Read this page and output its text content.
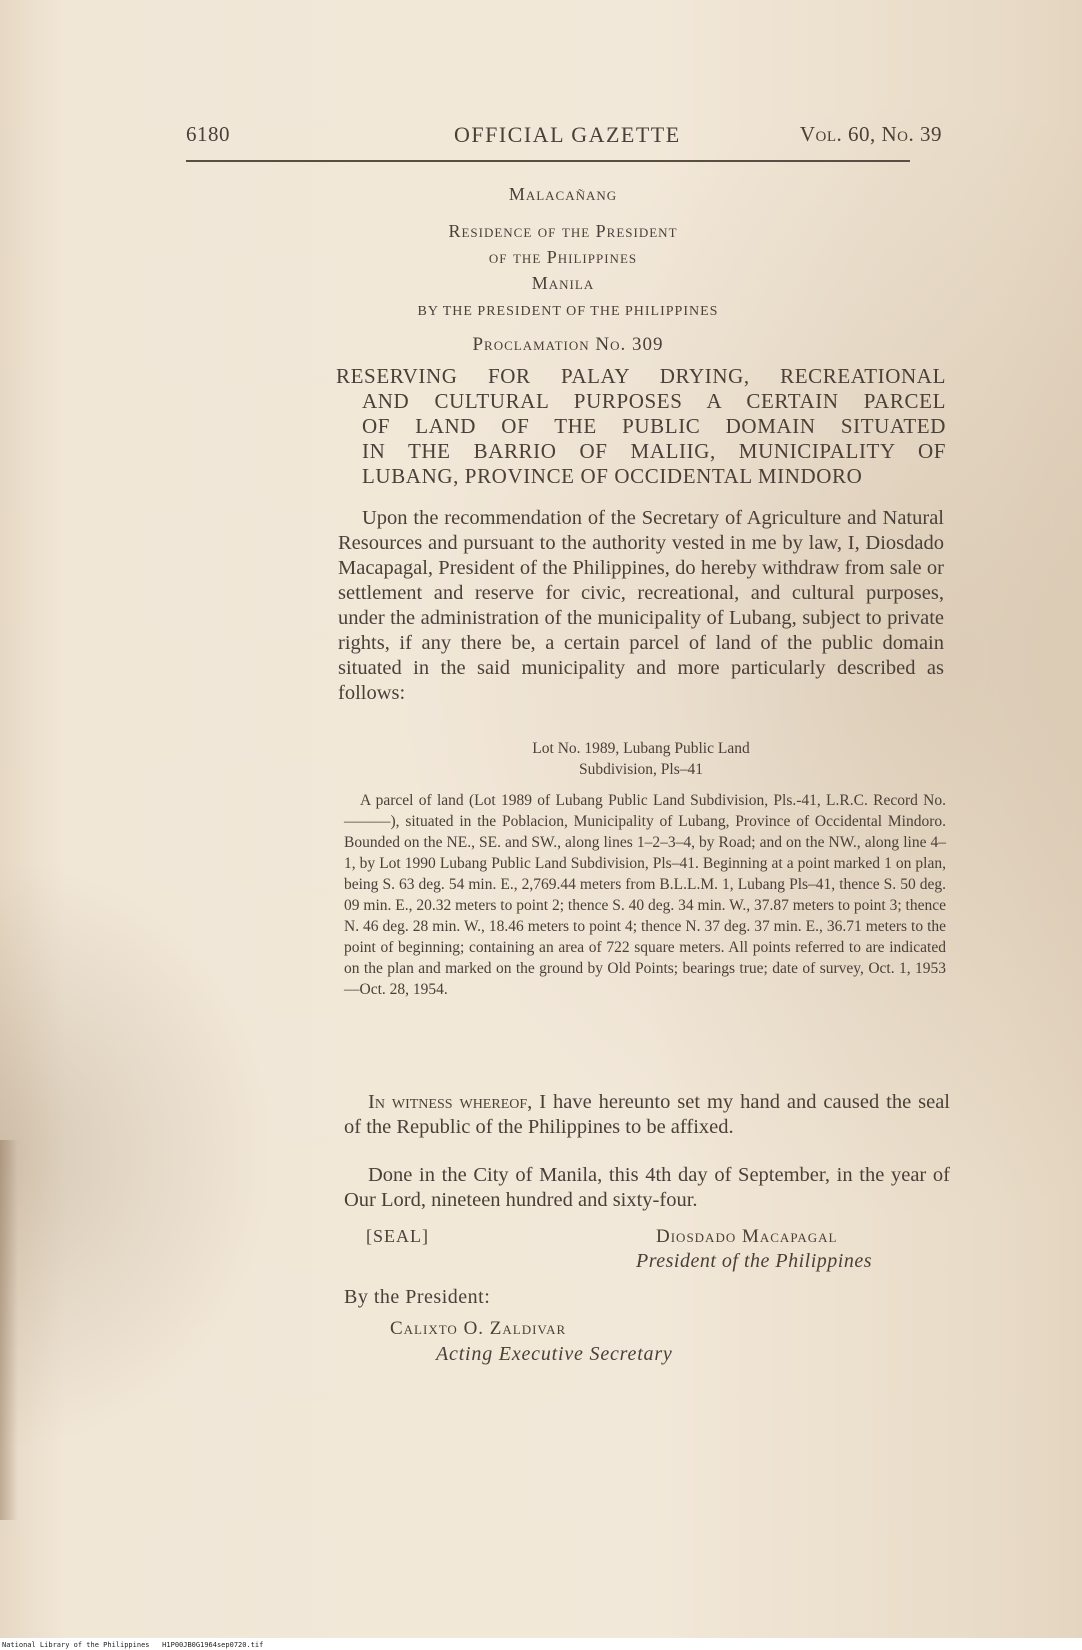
6180	OFFICIAL GAZETTE	Vol. 60, No. 39
Malacañang
Residence of the President
of the Philippines
Manila
BY THE PRESIDENT OF THE PHILIPPINES
Proclamation No. 309
RESERVING FOR PALAY DRYING, RECREATIONAL
AND CULTURAL PURPOSES A CERTAIN PARCEL
OF LAND OF THE PUBLIC DOMAIN SITUATED
IN THE BARRIO OF MALIIG, MUNICIPALITY OF
LUBANG, PROVINCE OF OCCIDENTAL MINDORO
Upon the recommendation of the Secretary of Agriculture and Natural Resources and pursuant to the authority vested in me by law, I, Diosdado Macapagal, President of the Philippines, do hereby withdraw from sale or settlement and reserve for civic, recreational, and cultural purposes, under the administration of the municipality of Lubang, subject to private rights, if any there be, a certain parcel of land of the public domain situated in the said municipality and more particularly described as follows:
Lot No. 1989, Lubang Public Land
Subdivision, Pls–41
A parcel of land (Lot 1989 of Lubang Public Land Subdivision, Pls.-41, L.R.C. Record No.———), situated in the Poblacion, Municipality of Lubang, Province of Occidental Mindoro. Bounded on the NE., SE. and SW., along lines 1–2–3–4, by Road; and on the NW., along line 4–1, by Lot 1990 Lubang Public Land Subdivision, Pls–41. Beginning at a point marked 1 on plan, being S. 63 deg. 54 min. E., 2,769.44 meters from B.L.L.M. 1, Lubang Pls–41, thence S. 50 deg. 09 min. E., 20.32 meters to point 2; thence S. 40 deg. 34 min. W., 37.87 meters to point 3; thence N. 46 deg. 28 min. W., 18.46 meters to point 4; thence N. 37 deg. 37 min. E., 36.71 meters to the point of beginning; containing an area of 722 square meters. All points referred to are indicated on the plan and marked on the ground by Old Points; bearings true; date of survey, Oct. 1, 1953—Oct. 28, 1954.
In witness whereof, I have hereunto set my hand and caused the seal of the Republic of the Philippines to be affixed.
Done in the City of Manila, this 4th day of September, in the year of Our Lord, nineteen hundred and sixty-four.
[SEAL]	Diosdado Macapagal
President of the Philippines
By the President:
Calixto O. Zaldivar
Acting Executive Secretary
National Library of the Philippines H1P00JB0G1964sep0720.tif
